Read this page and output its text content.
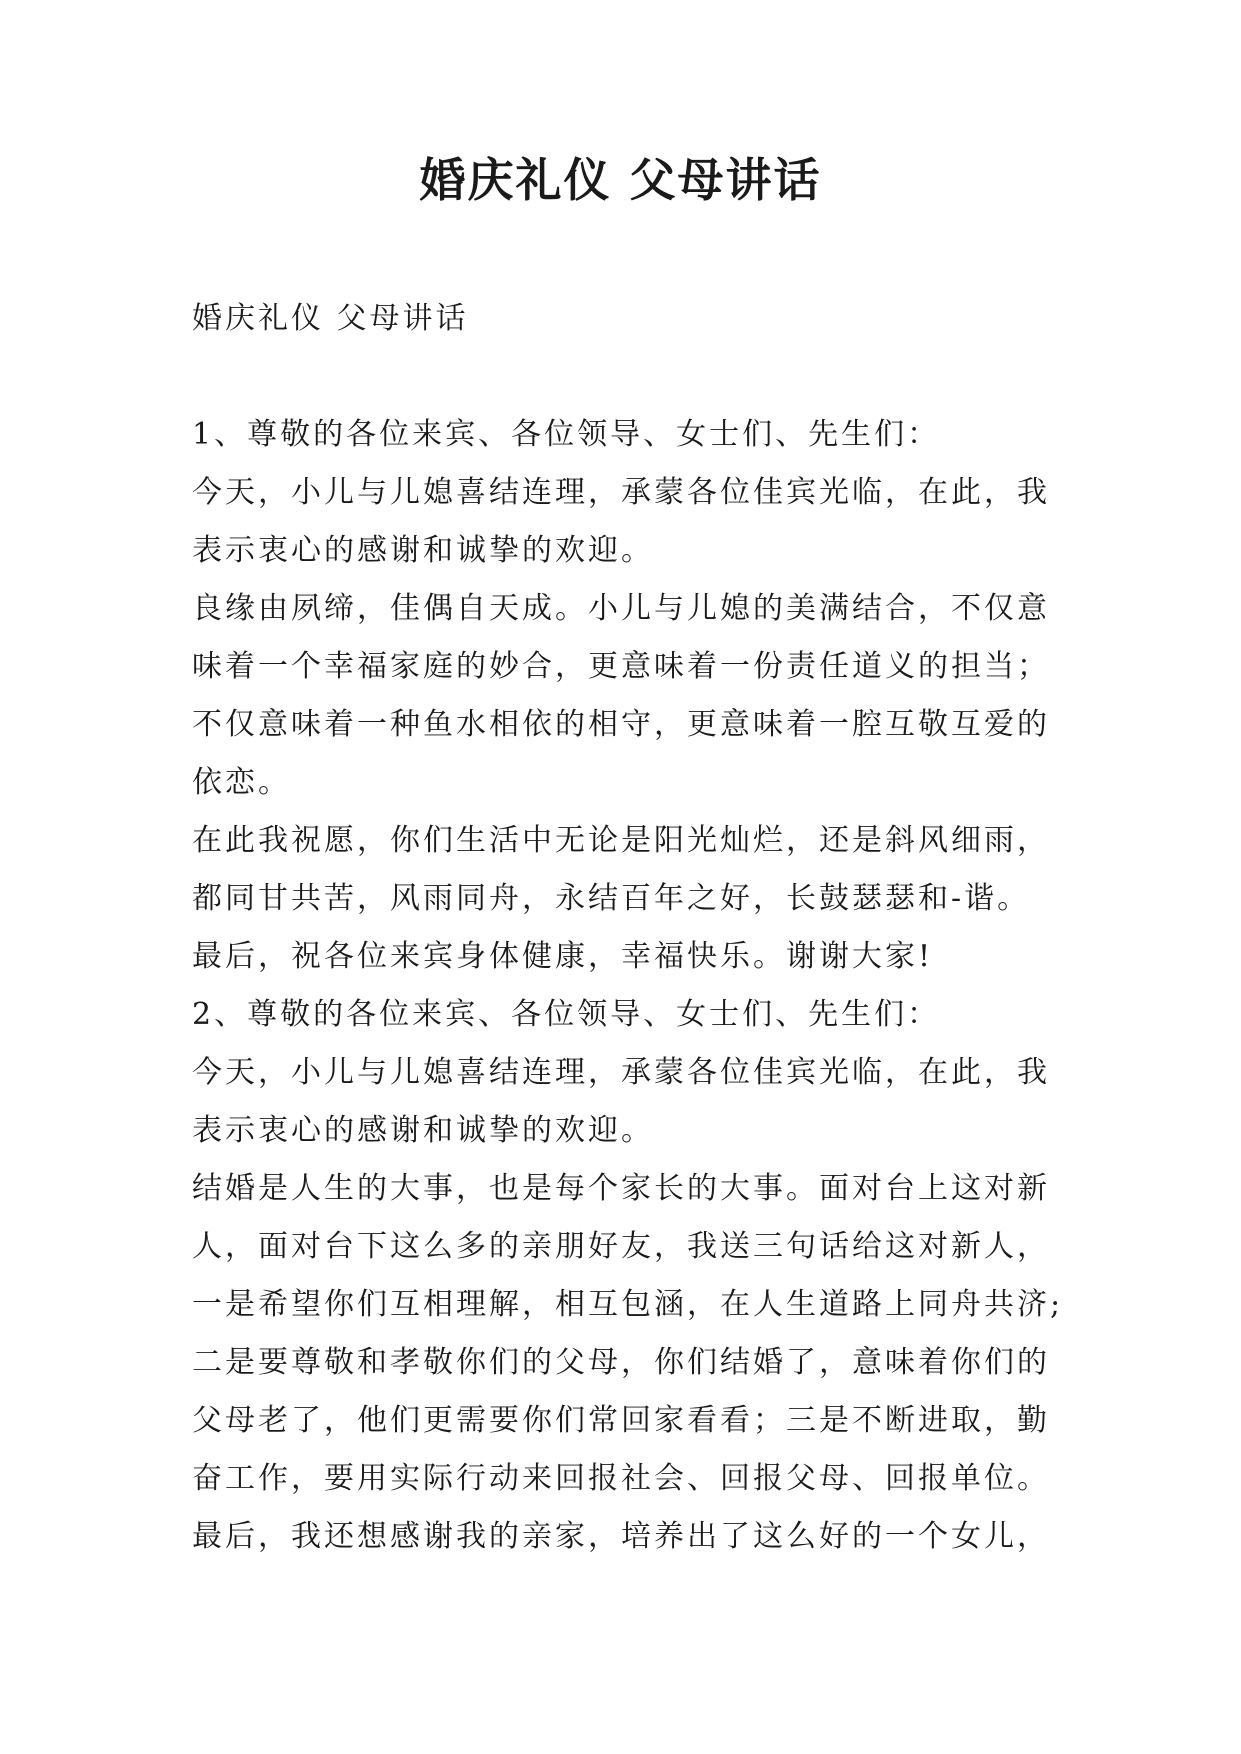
婚庆礼仪 父母讲话

婚庆礼仪 父母讲话

1、尊敬的各位来宾、各位领导、女士们、先生们：
今天，小儿与儿媳喜结连理，承蒙各位佳宾光临，在此，我
表示衷心的感谢和诚挚的欢迎。
良缘由夙缔，佳偶自天成。小儿与儿媳的美满结合，不仅意
味着一个幸福家庭的妙合，更意味着一份责任道义的担当；
不仅意味着一种鱼水相依的相守，更意味着一腔互敬互爱的
依恋。
在此我祝愿，你们生活中无论是阳光灿烂，还是斜风细雨，
都同甘共苦，风雨同舟，永结百年之好，长鼓瑟瑟和-谐。
最后，祝各位来宾身体健康，幸福快乐。谢谢大家!
2、尊敬的各位来宾、各位领导、女士们、先生们：
今天，小儿与儿媳喜结连理，承蒙各位佳宾光临，在此，我
表示衷心的感谢和诚挚的欢迎。
结婚是人生的大事，也是每个家长的大事。面对台上这对新
人，面对台下这么多的亲朋好友，我送三句话给这对新人，
一是希望你们互相理解，相互包涵，在人生道路上同舟共济;
二是要尊敬和孝敬你们的父母，你们结婚了，意味着你们的
父母老了，他们更需要你们常回家看看；三是不断进取，勤
奋工作，要用实际行动来回报社会、回报父母、回报单位。
最后，我还想感谢我的亲家，培养出了这么好的一个女儿，
